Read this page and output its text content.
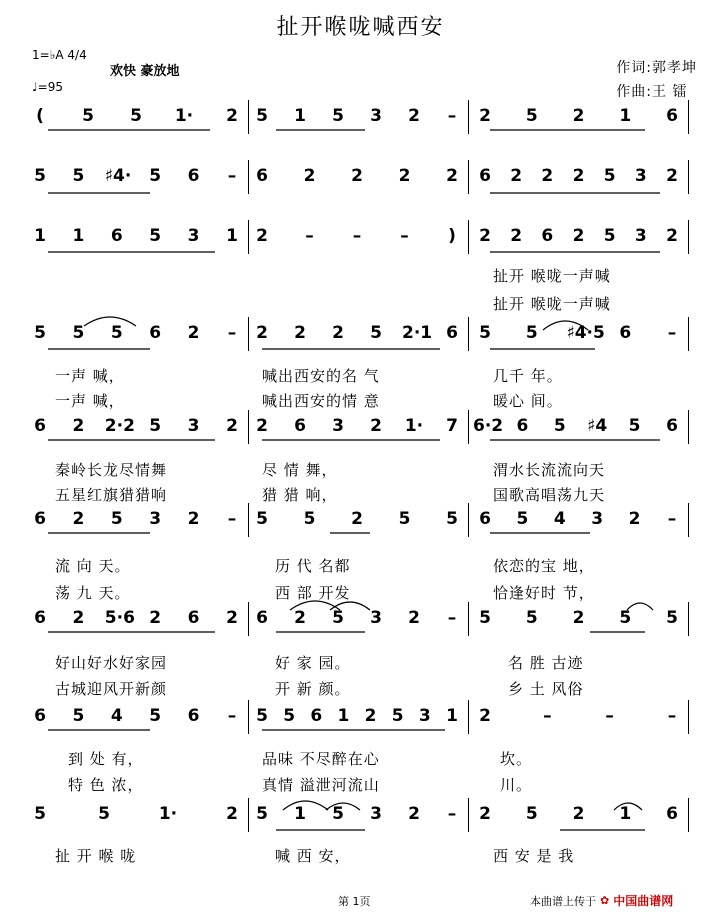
扯开喉咙喊西安
1=♭A 4/4
♩=95
欢快 豪放地	作词:郭孝坤
作曲:王 镭
(	5	5	1·	2	5	1	5	3	2	–	2	5	2	1	6
5	5	♯4·	5	6	–	6	2	2	2	2	6	2	2	2	5	3	2
1	1	6	5	3	1	2	–	–	–	)	2	2	6	2	5	3	2
5	5	5	6	2	–	2	2	2	5	2·1 6	5	5	♯4·5 6	–
6	2	2·2 5	3	2	2	6	3	2	1·	7 6·2 6	5	♯4	5	6
6	2	5	3	2	–	5	5	2	5	5	6	5	4	3	2	–
6	2	5·6 2	6	2	6	2	5	3	2	–	5	5	2	5	5
6	5	4	5	6	–	5 5 6 1 2 5 3 1	2	–	–	–
5	5	1·	2	5	1	5	3	2	–	2	5	2	1	6
扯开 喉咙一声喊
扯开 喉咙一声喊
一声 喊，
一声 喊，
喊出西安的名 气
喊出西安的情 意
几千 年。
暖心 间。
秦岭长龙尽情舞
五星红旗猎猎响
尽 情 舞，
猎 猎 响，
渭水长流流向天
国歌高唱荡九天
流 向 天。
荡 九 天。
历 代 名都
西 部 开发
依恋的宝 地，
恰逢好时 节，
好山好水好家园
古城迎风开新颜
好 家 园。
开 新 颜。
名 胜 古迹
乡 土 风俗
到 处 有，
特 色 浓，
品味 不尽醉在心
真情 溢泄河流山
坎。
川。
扯 开 喉 咙	喊 西 安，	西 安 是 我
第 1页	本曲谱上传于 ✿ 中国曲谱网
